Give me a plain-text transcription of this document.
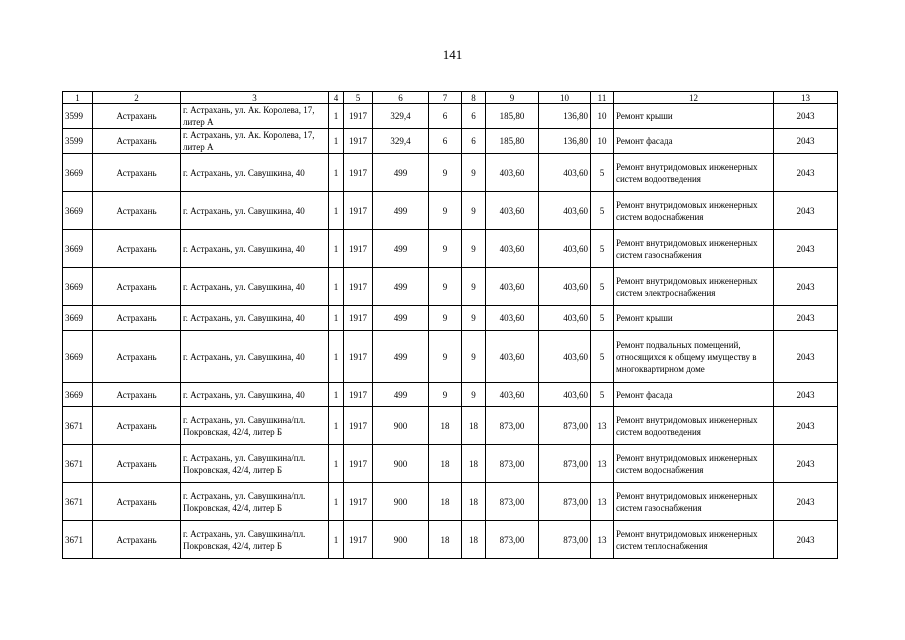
141
1	2	3	4	5	6	7	8	9	10	11	12	13
3599	Астрахань	г. Астрахань, ул. Ак. Королева, 17, литер А	1	1917	329,4	6	6	185,80	136,80	10	Ремонт крыши	2043
3599	Астрахань	г. Астрахань, ул. Ак. Королева, 17, литер А	1	1917	329,4	6	6	185,80	136,80	10	Ремонт фасада	2043
3669	Астрахань	г. Астрахань, ул. Савушкина, 40	1	1917	499	9	9	403,60	403,60	5	Ремонт внутридомовых инженерных систем водоотведения	2043
3669	Астрахань	г. Астрахань, ул. Савушкина, 40	1	1917	499	9	9	403,60	403,60	5	Ремонт внутридомовых инженерных систем водоснабжения	2043
3669	Астрахань	г. Астрахань, ул. Савушкина, 40	1	1917	499	9	9	403,60	403,60	5	Ремонт внутридомовых инженерных систем газоснабжения	2043
3669	Астрахань	г. Астрахань, ул. Савушкина, 40	1	1917	499	9	9	403,60	403,60	5	Ремонт внутридомовых инженерных систем электроснабжения	2043
3669	Астрахань	г. Астрахань, ул. Савушкина, 40	1	1917	499	9	9	403,60	403,60	5	Ремонт крыши	2043
3669	Астрахань	г. Астрахань, ул. Савушкина, 40	1	1917	499	9	9	403,60	403,60	5	Ремонт подвальных помещений, относящихся к общему имуществу в многоквартирном доме	2043
3669	Астрахань	г. Астрахань, ул. Савушкина, 40	1	1917	499	9	9	403,60	403,60	5	Ремонт фасада	2043
3671	Астрахань	г. Астрахань, ул. Савушкина/пл. Покровская, 42/4, литер Б	1	1917	900	18	18	873,00	873,00	13	Ремонт внутридомовых инженерных систем водоотведения	2043
3671	Астрахань	г. Астрахань, ул. Савушкина/пл. Покровская, 42/4, литер Б	1	1917	900	18	18	873,00	873,00	13	Ремонт внутридомовых инженерных систем водоснабжения	2043
3671	Астрахань	г. Астрахань, ул. Савушкина/пл. Покровская, 42/4, литер Б	1	1917	900	18	18	873,00	873,00	13	Ремонт внутридомовых инженерных систем газоснабжения	2043
3671	Астрахань	г. Астрахань, ул. Савушкина/пл. Покровская, 42/4, литер Б	1	1917	900	18	18	873,00	873,00	13	Ремонт внутридомовых инженерных систем теплоснабжения	2043
